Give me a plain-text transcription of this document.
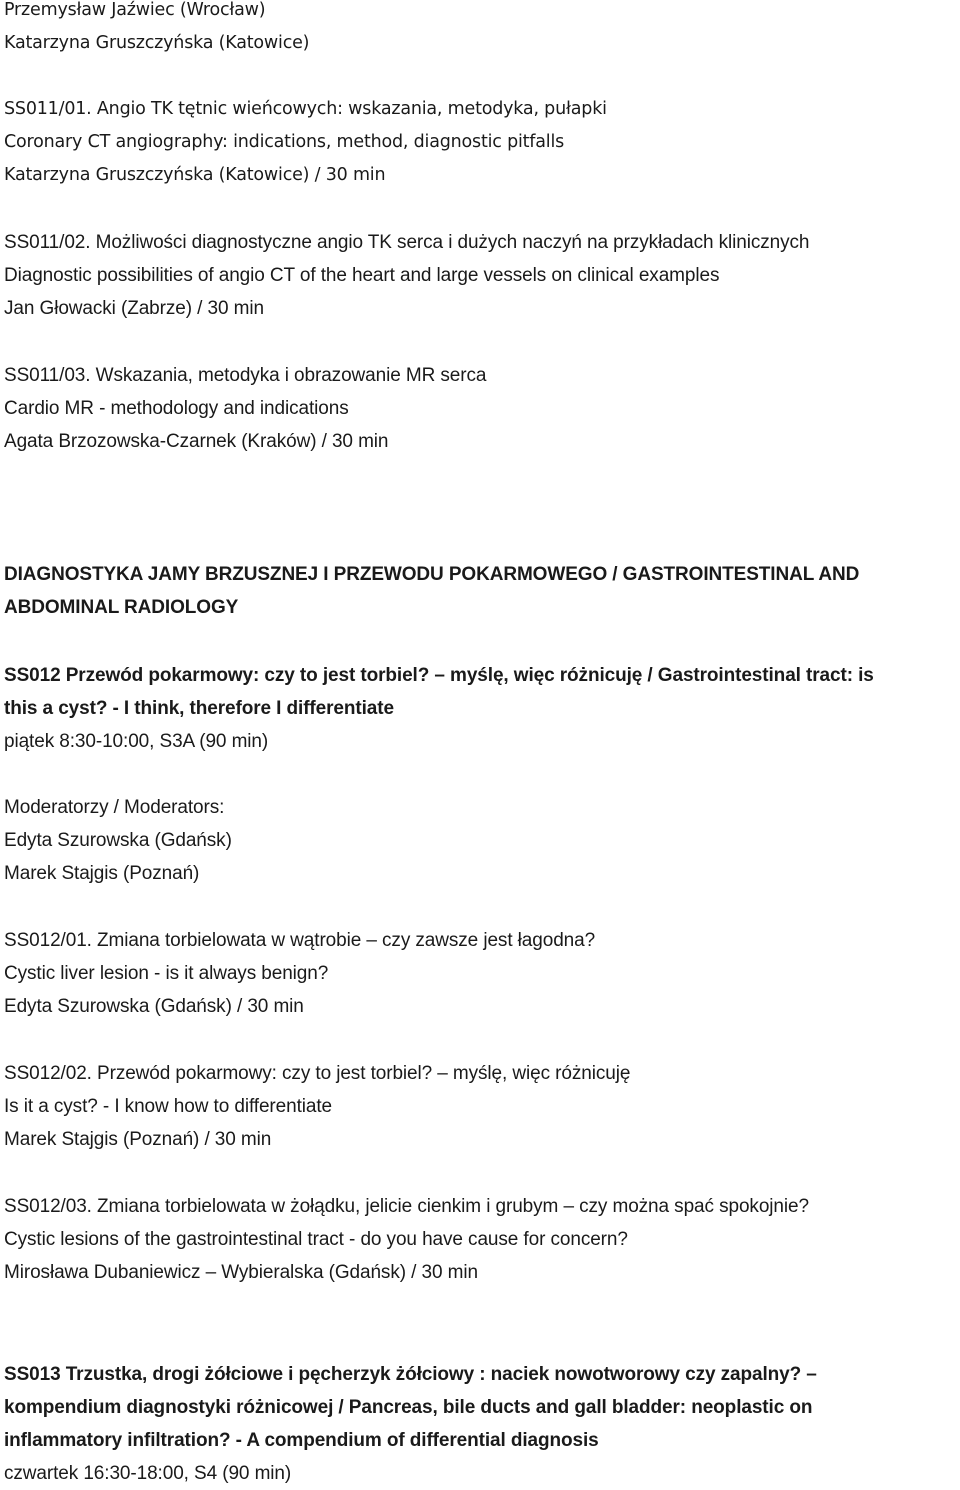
Przemysław Jaźwiec (Wrocław)
Katarzyna Gruszczyńska (Katowice)
SS011/01. Angio TK tętnic wieńcowych: wskazania, metodyka, pułapki
Coronary CT angiography: indications, method, diagnostic pitfalls
Katarzyna Gruszczyńska (Katowice) / 30 min
SS011/02. Możliwości diagnostyczne angio TK serca i dużych naczyń na przykładach klinicznych
Diagnostic possibilities of angio CT of the heart and large vessels on clinical examples
Jan Głowacki (Zabrze) / 30 min
SS011/03. Wskazania, metodyka i obrazowanie MR serca
Cardio MR - methodology and indications
Agata Brzozowska-Czarnek (Kraków) / 30 min
DIAGNOSTYKA JAMY BRZUSZNEJ I PRZEWODU POKARMOWEGO / GASTROINTESTINAL AND
ABDOMINAL RADIOLOGY
SS012 Przewód pokarmowy: czy to jest torbiel? – myślę, więc różnicuję / Gastrointestinal tract: is
this a cyst? - I think, therefore I differentiate
piątek 8:30-10:00, S3A (90 min)
Moderatorzy / Moderators:
Edyta Szurowska (Gdańsk)
Marek Stajgis (Poznań)
SS012/01. Zmiana torbielowata w wątrobie – czy zawsze jest łagodna?
Cystic liver lesion - is it always benign?
Edyta Szurowska (Gdańsk) / 30 min
SS012/02. Przewód pokarmowy: czy to jest torbiel? – myślę, więc różnicuję
Is it a cyst? - I know how to differentiate
Marek Stajgis (Poznań) / 30 min
SS012/03. Zmiana torbielowata w żołądku, jelicie cienkim i grubym – czy można spać spokojnie?
Cystic lesions of the gastrointestinal tract - do you have cause for concern?
Mirosława Dubaniewicz – Wybieralska (Gdańsk) / 30 min
SS013 Trzustka, drogi żółciowe i pęcherzyk żółciowy : naciek nowotworowy czy zapalny? –
kompendium diagnostyki różnicowej / Pancreas, bile ducts and gall bladder: neoplastic on
inflammatory infiltration? - A compendium of differential diagnosis
czwartek 16:30-18:00, S4 (90 min)
